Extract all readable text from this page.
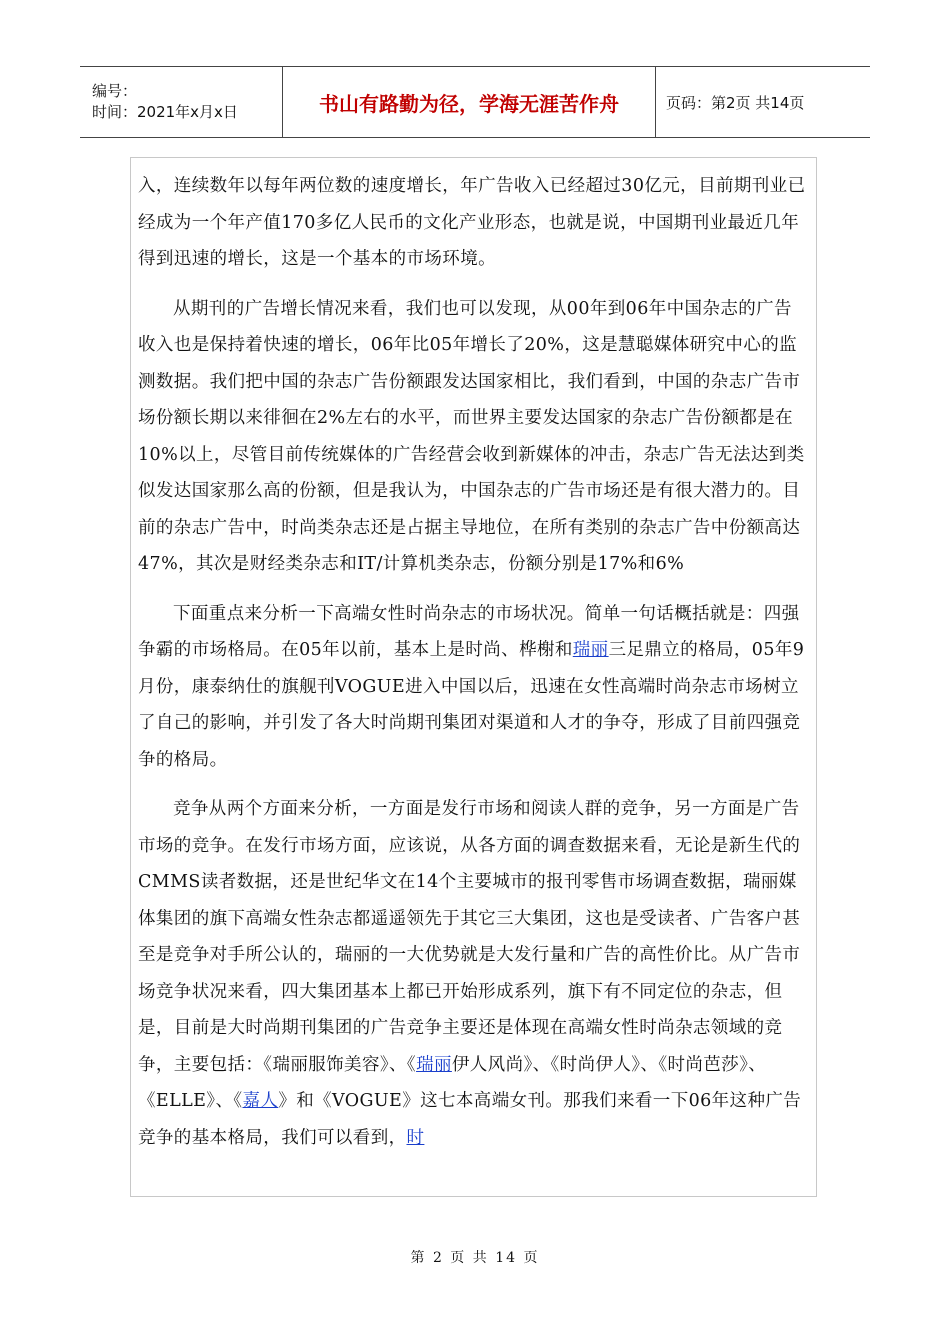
编号：
时间：2021年x月x日	书山有路勤为径，学海无涯苦作舟	页码：第2页 共14页

入，连续数年以每年两位数的速度增长，年广告收入已经超过30亿元，目前期刊业已经成为一个年产值170多亿人民币的文化产业形态，也就是说，中国期刊业最近几年得到迅速的增长，这是一个基本的市场环境。

从期刊的广告增长情况来看，我们也可以发现，从00年到06年中国杂志的广告收入也是保持着快速的增长，06年比05年增长了20%，这是慧聪媒体研究中心的监测数据。我们把中国的杂志广告份额跟发达国家相比，我们看到，中国的杂志广告市场份额长期以来徘徊在2%左右的水平，而世界主要发达国家的杂志广告份额都是在10%以上，尽管目前传统媒体的广告经营会收到新媒体的冲击，杂志广告无法达到类似发达国家那么高的份额，但是我认为，中国杂志的广告市场还是有很大潜力的。目前的杂志广告中，时尚类杂志还是占据主导地位，在所有类别的杂志广告中份额高达47%，其次是财经类杂志和IT/计算机类杂志，份额分别是17%和6%

下面重点来分析一下高端女性时尚杂志的市场状况。简单一句话概括就是：四强争霸的市场格局。在05年以前，基本上是时尚、桦榭和瑞丽三足鼎立的格局，05年9月份，康泰纳仕的旗舰刊VOGUE进入中国以后，迅速在女性高端时尚杂志市场树立了自己的影响，并引发了各大时尚期刊集团对渠道和人才的争夺，形成了目前四强竞争的格局。

竞争从两个方面来分析，一方面是发行市场和阅读人群的竞争，另一方面是广告市场的竞争。在发行市场方面，应该说，从各方面的调查数据来看，无论是新生代的CMMS读者数据，还是世纪华文在14个主要城市的报刊零售市场调查数据，瑞丽媒体集团的旗下高端女性杂志都遥遥领先于其它三大集团，这也是受读者、广告客户甚至是竞争对手所公认的，瑞丽的一大优势就是大发行量和广告的高性价比。从广告市场竞争状况来看，四大集团基本上都已开始形成系列，旗下有不同定位的杂志，但是，目前是大时尚期刊集团的广告竞争主要还是体现在高端女性时尚杂志领域的竞争，主要包括：《瑞丽服饰美容》、《瑞丽伊人风尚》、《时尚伊人》、《时尚芭莎》、《ELLE》、《嘉人》和《VOGUE》这七本高端女刊。那我们来看一下06年这种广告竞争的基本格局，我们可以看到，时

第 2 页 共 14 页
